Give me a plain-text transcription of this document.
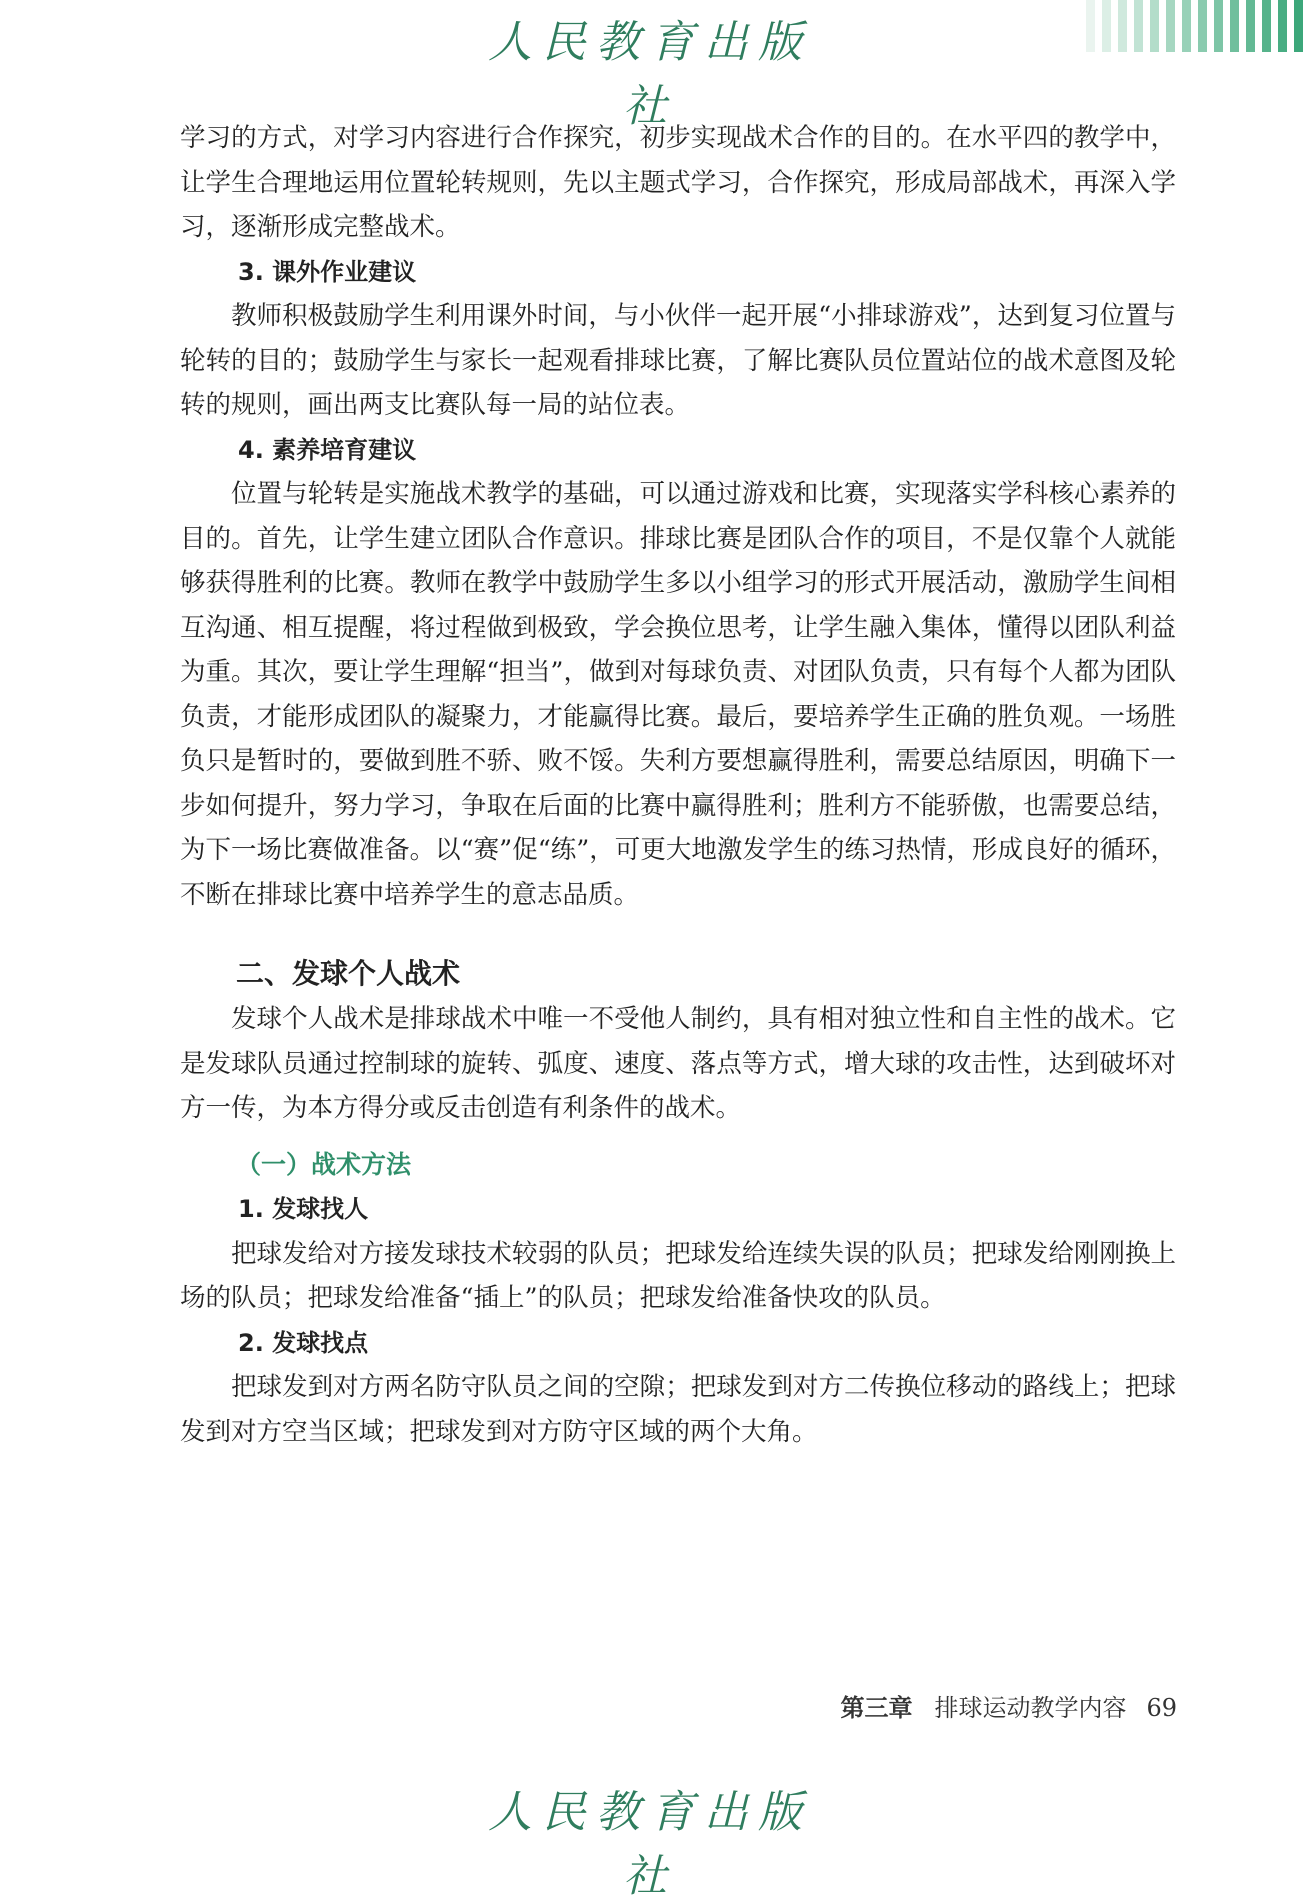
人民教育出版社

学习的方式，对学习内容进行合作探究，初步实现战术合作的目的。在水平四的教学中，让学生合理地运用位置轮转规则，先以主题式学习，合作探究，形成局部战术，再深入学习，逐渐形成完整战术。

3. 课外作业建议

教师积极鼓励学生利用课外时间，与小伙伴一起开展“小排球游戏”，达到复习位置与轮转的目的；鼓励学生与家长一起观看排球比赛，了解比赛队员位置站位的战术意图及轮转的规则，画出两支比赛队每一局的站位表。

4. 素养培育建议

位置与轮转是实施战术教学的基础，可以通过游戏和比赛，实现落实学科核心素养的目的。首先，让学生建立团队合作意识。排球比赛是团队合作的项目，不是仅靠个人就能够获得胜利的比赛。教师在教学中鼓励学生多以小组学习的形式开展活动，激励学生间相互沟通、相互提醒，将过程做到极致，学会换位思考，让学生融入集体，懂得以团队利益为重。其次，要让学生理解“担当”，做到对每球负责、对团队负责，只有每个人都为团队负责，才能形成团队的凝聚力，才能赢得比赛。最后，要培养学生正确的胜负观。一场胜负只是暂时的，要做到胜不骄、败不馁。失利方要想赢得胜利，需要总结原因，明确下一步如何提升，努力学习，争取在后面的比赛中赢得胜利；胜利方不能骄傲，也需要总结，为下一场比赛做准备。以“赛”促“练”，可更大地激发学生的练习热情，形成良好的循环，不断在排球比赛中培养学生的意志品质。

二、发球个人战术

发球个人战术是排球战术中唯一不受他人制约，具有相对独立性和自主性的战术。它是发球队员通过控制球的旋转、弧度、速度、落点等方式，增大球的攻击性，达到破坏对方一传，为本方得分或反击创造有利条件的战术。

（一）战术方法

1. 发球找人

把球发给对方接发球技术较弱的队员；把球发给连续失误的队员；把球发给刚刚换上场的队员；把球发给准备“插上”的队员；把球发给准备快攻的队员。

2. 发球找点

把球发到对方两名防守队员之间的空隙；把球发到对方二传换位移动的路线上；把球发到对方空当区域；把球发到对方防守区域的两个大角。

第三章 排球运动教学内容 69
人民教育出版社
